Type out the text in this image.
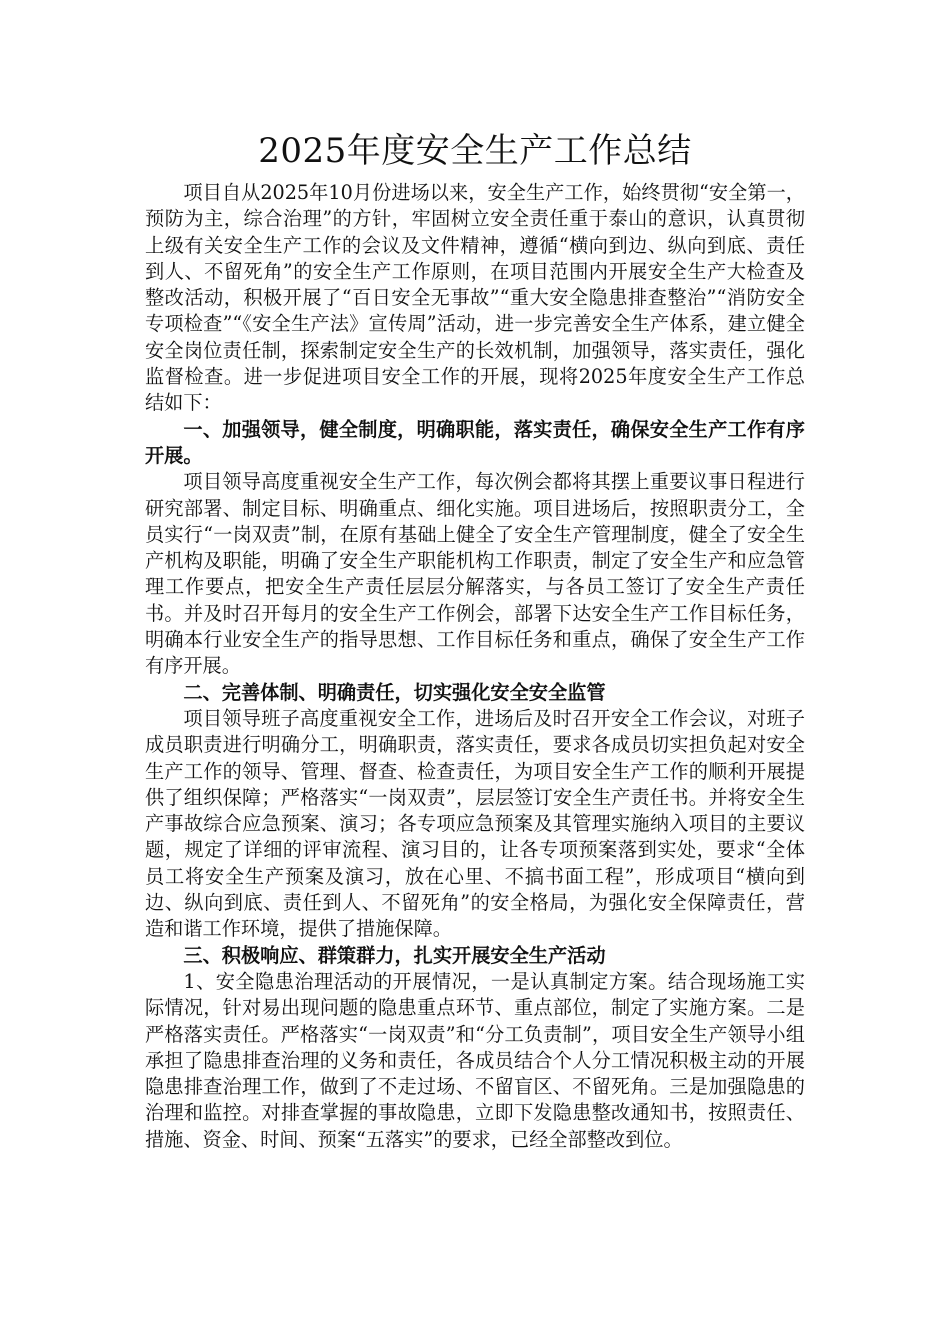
2025年度安全生产工作总结

项目自从2025年10月份进场以来，安全生产工作，始终贯彻“安全第一，预防为主，综合治理”的方针，牢固树立安全责任重于泰山的意识，认真贯彻上级有关安全生产工作的会议及文件精神，遵循“横向到边、纵向到底、责任到人、不留死角”的安全生产工作原则，在项目范围内开展安全生产大检查及整改活动，积极开展了“百日安全无事故”“重大安全隐患排查整治”“消防安全专项检查”“《安全生产法》宣传周”活动，进一步完善安全生产体系，建立健全安全岗位责任制，探索制定安全生产的长效机制，加强领导，落实责任，强化监督检查。进一步促进项目安全工作的开展，现将2025年度安全生产工作总结如下：

一、加强领导，健全制度，明确职能，落实责任，确保安全生产工作有序开展。

项目领导高度重视安全生产工作，每次例会都将其摆上重要议事日程进行研究部署、制定目标、明确重点、细化实施。项目进场后，按照职责分工，全员实行“一岗双责”制，在原有基础上健全了安全生产管理制度，健全了安全生产机构及职能，明确了安全生产职能机构工作职责，制定了安全生产和应急管理工作要点，把安全生产责任层层分解落实，与各员工签订了安全生产责任书。并及时召开每月的安全生产工作例会，部署下达安全生产工作目标任务，明确本行业安全生产的指导思想、工作目标任务和重点，确保了安全生产工作有序开展。

二、完善体制、明确责任，切实强化安全安全监管

项目领导班子高度重视安全工作，进场后及时召开安全工作会议，对班子成员职责进行明确分工，明确职责，落实责任，要求各成员切实担负起对安全生产工作的领导、管理、督查、检查责任，为项目安全生产工作的顺利开展提供了组织保障；严格落实“一岗双责”，层层签订安全生产责任书。并将安全生产事故综合应急预案、演习；各专项应急预案及其管理实施纳入项目的主要议题，规定了详细的评审流程、演习目的，让各专项预案落到实处，要求“全体员工将安全生产预案及演习，放在心里、不搞书面工程”，形成项目“横向到边、纵向到底、责任到人、不留死角”的安全格局，为强化安全保障责任，营造和谐工作环境，提供了措施保障。

三、积极响应、群策群力，扎实开展安全生产活动

1、安全隐患治理活动的开展情况，一是认真制定方案。结合现场施工实际情况，针对易出现问题的隐患重点环节、重点部位，制定了实施方案。二是严格落实责任。严格落实“一岗双责”和“分工负责制”，项目安全生产领导小组承担了隐患排查治理的义务和责任，各成员结合个人分工情况积极主动的开展隐患排查治理工作，做到了不走过场、不留盲区、不留死角。三是加强隐患的治理和监控。对排查掌握的事故隐患，立即下发隐患整改通知书，按照责任、措施、资金、时间、预案“五落实”的要求，已经全部整改到位。
